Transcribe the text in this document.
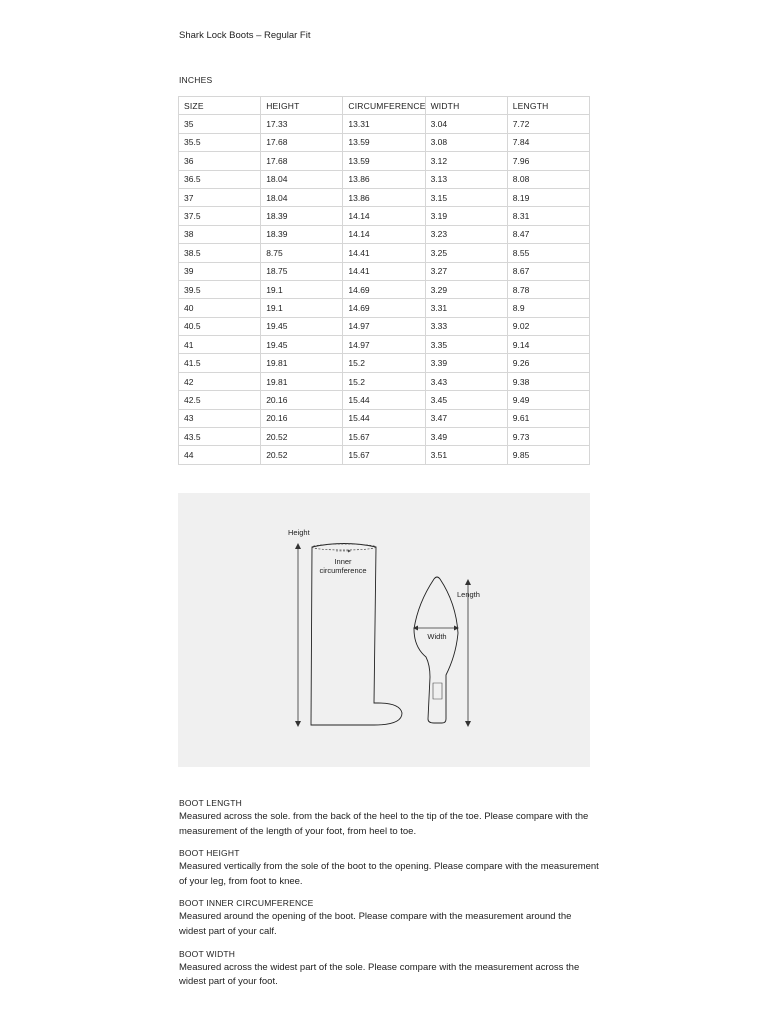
Shark Lock Boots – Regular Fit
INCHES
SIZE	HEIGHT	CIRCUMFERENCE	WIDTH	LENGTH
35	17.33	13.31	3.04	7.72
35.5	17.68	13.59	3.08	7.84
36	17.68	13.59	3.12	7.96
36.5	18.04	13.86	3.13	8.08
37	18.04	13.86	3.15	8.19
37.5	18.39	14.14	3.19	8.31
38	18.39	14.14	3.23	8.47
38.5	8.75	14.41	3.25	8.55
39	18.75	14.41	3.27	8.67
39.5	19.1	14.69	3.29	8.78
40	19.1	14.69	3.31	8.9
40.5	19.45	14.97	3.33	9.02
41	19.45	14.97	3.35	9.14
41.5	19.81	15.2	3.39	9.26
42	19.81	15.2	3.43	9.38
42.5	20.16	15.44	3.45	9.49
43	20.16	15.44	3.47	9.61
43.5	20.52	15.67	3.49	9.73
44	20.52	15.67	3.51	9.85
Height
Inner
circumference
Width
Length
BOOT LENGTH
Measured across the sole. from the back of the heel to the tip of the toe. Please compare with the measurement of the length of your foot, from heel to toe.
BOOT HEIGHT
Measured vertically from the sole of the boot to the opening. Please compare with the measurement of your leg, from foot to knee.
BOOT INNER CIRCUMFERENCE
Measured around the opening of the boot. Please compare with the measurement around the widest part of your calf.
BOOT WIDTH
Measured across the widest part of the sole. Please compare with the measurement across the widest part of your foot.
